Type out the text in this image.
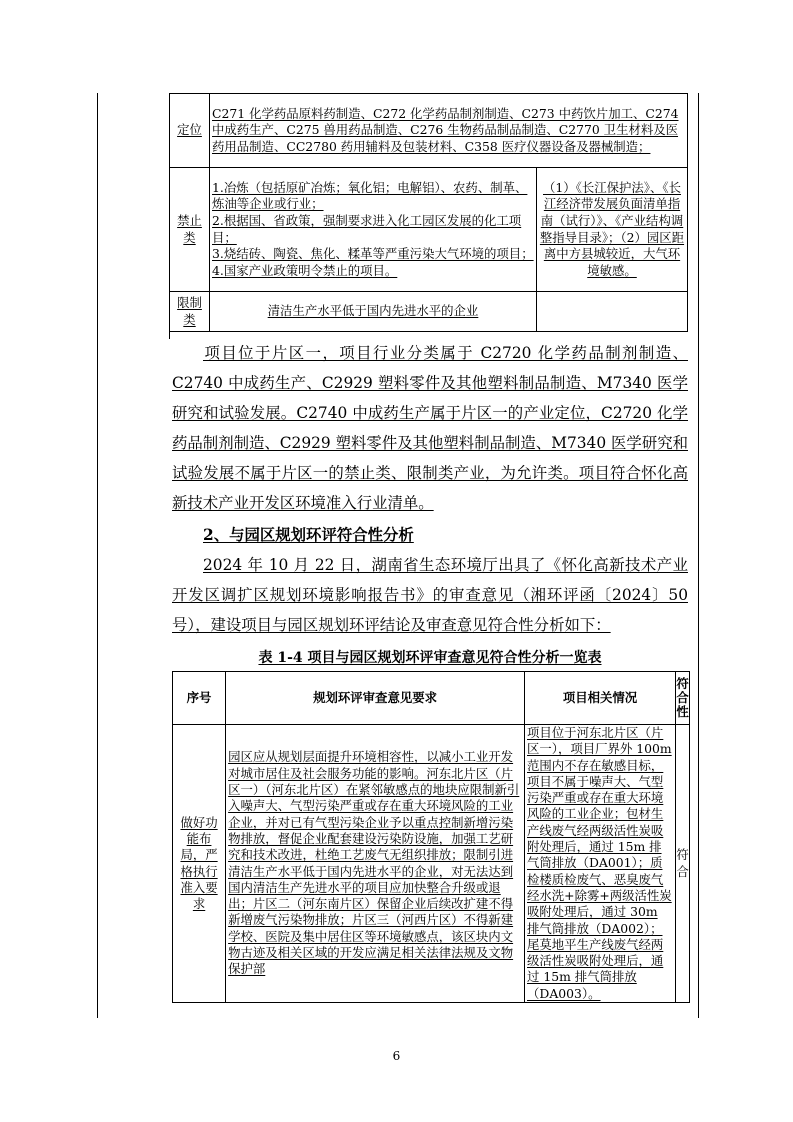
定位	C271 化学药品原料药制造、C272 化学药品制剂制造、C273 中药饮片加工、C274 中成药生产、C275 兽用药品制造、C276 生物药品制品制造、C2770 卫生材料及医药用品制造、CC2780 药用辅料及包装材料、C358 医疗仪器设备及器械制造；	
禁止类	1.冶炼（包括原矿冶炼；氧化铝；电解铝）、农药、制革、炼油等企业或行业；
2.根据国、省政策，强制要求进入化工园区发展的化工项目；
3.烧结砖、陶瓷、焦化、糅革等严重污染大气环境的项目；
4.国家产业政策明令禁止的项目。	（1）《长江保护法》、《长江经济带发展负面清单指南（试行）》、《产业结构调整指导目录》；（2）园区距离中方县城较近，大气环境敏感。
限制类	清洁生产水平低于国内先进水平的企业	

项目位于片区一，项目行业分类属于 C2720 化学药品制剂制造、C2740 中成药生产、C2929 塑料零件及其他塑料制品制造、M7340 医学研究和试验发展。C2740 中成药生产属于片区一的产业定位，C2720 化学药品制剂制造、C2929 塑料零件及其他塑料制品制造、M7340 医学研究和试验发展不属于片区一的禁止类、限制类产业，为允许类。项目符合怀化高新技术产业开发区环境准入行业清单。

2、与园区规划环评符合性分析

2024 年 10 月 22 日，湖南省生态环境厅出具了《怀化高新技术产业开发区调扩区规划环境影响报告书》的审查意见（湘环评函〔2024〕50 号），建设项目与园区规划环评结论及审查意见符合性分析如下：

表 1-4 项目与园区规划环评审查意见符合性分析一览表

序号	规划环评审查意见要求	项目相关情况	符合性
做好功能布局，严格执行准入要求	园区应从规划层面提升环境相容性，以减小工业开发对城市居住及社会服务功能的影响。河东北片区（片区一）（河东北片区）在紧邻敏感点的地块应限制新引入噪声大、气型污染严重或存在重大环境风险的工业企业，并对已有气型污染企业予以重点控制新增污染物排放，督促企业配套建设污染防设施，加强工艺研究和技术改进，杜绝工艺废气无组织排放；限制引进清洁生产水平低于国内先进水平的企业，对无法达到国内清洁生产先进水平的项目应加快整合升级或退出；片区二（河东南片区）保留企业后续改扩建不得新增废气污染物排放；片区三（河西片区）不得新建学校、医院及集中居住区等环境敏感点，该区块内文物古迹及相关区域的开发应满足相关法律法规及文物保护部	项目位于河东北片区（片区一），项目厂界外 100m 范围内不存在敏感目标，项目不属于噪声大、气型污染严重或存在重大环境风险的工业企业；包材生产线废气经两级活性炭吸附处理后，通过 15m 排气筒排放（DA001）；质检楼质检废气、恶臭废气经水洗+除雾+两级活性炭吸附处理后，通过 30m 排气筒排放（DA002）；尾莫地平生产线废气经两级活性炭吸附处理后，通过 15m 排气筒排放（DA003）。	符合
6
